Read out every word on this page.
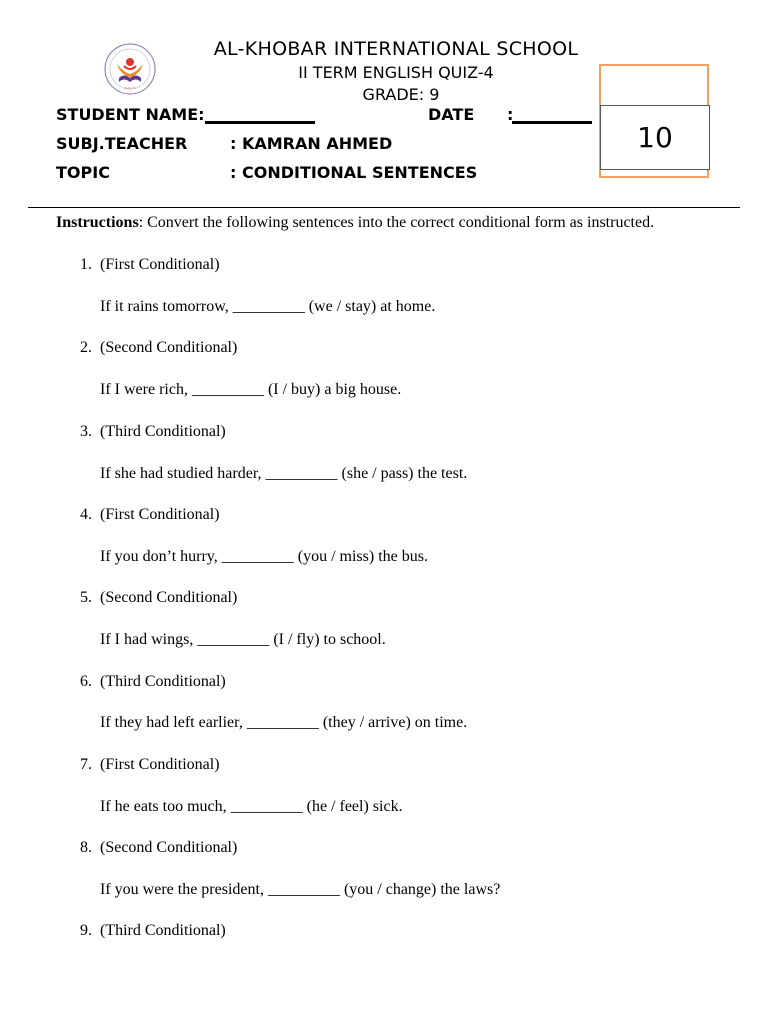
~~~
AL-KHOBAR INTERNATIONAL SCHOOL
II TERM ENGLISH QUIZ-4
GRADE: 9
STUDENT NAME:	DATE :
SUBJ.TEACHER	: KAMRAN AHMED
TOPIC	: CONDITIONAL SENTENCES
10
Instructions: Convert the following sentences into the correct conditional form as instructed.
1. (First Conditional)
If it rains tomorrow, _________ (we / stay) at home.
2. (Second Conditional)
If I were rich, _________ (I / buy) a big house.
3. (Third Conditional)
If she had studied harder, _________ (she / pass) the test.
4. (First Conditional)
If you don’t hurry, _________ (you / miss) the bus.
5. (Second Conditional)
If I had wings, _________ (I / fly) to school.
6. (Third Conditional)
If they had left earlier, _________ (they / arrive) on time.
7. (First Conditional)
If he eats too much, _________ (he / feel) sick.
8. (Second Conditional)
If you were the president, _________ (you / change) the laws?
9. (Third Conditional)
